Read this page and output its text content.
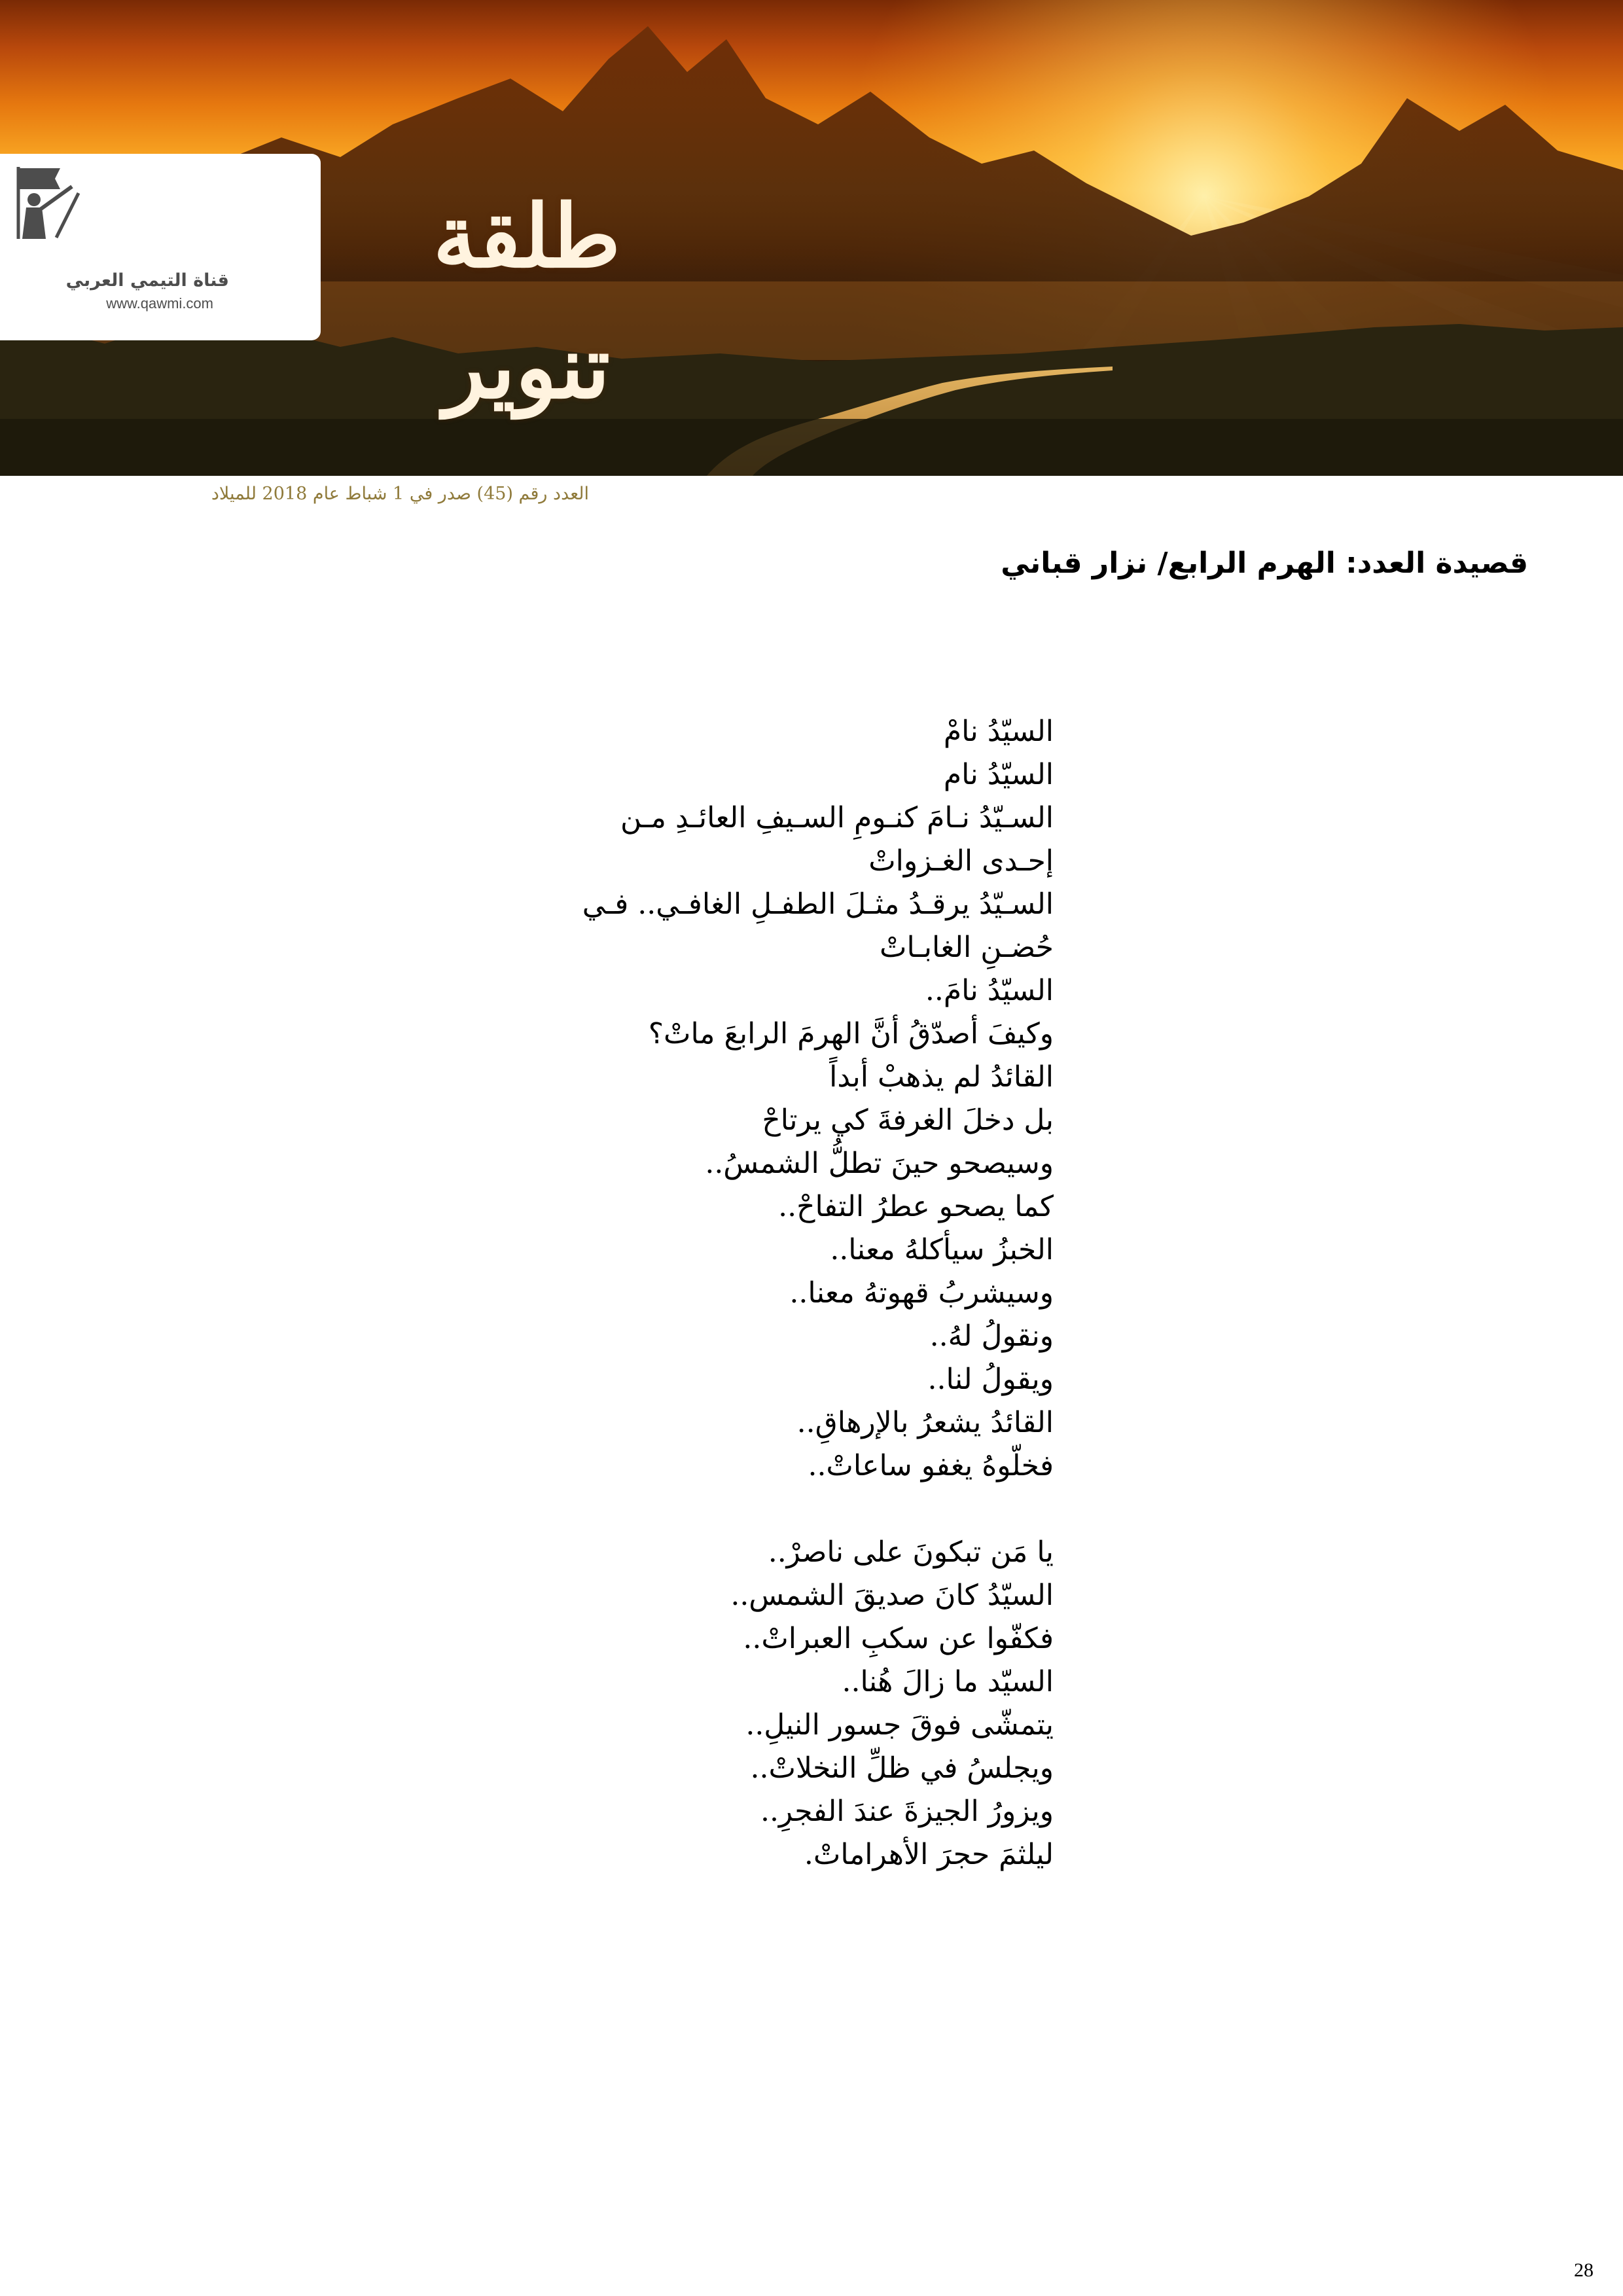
قناة التيمي العربي
www.qawmi.com
طلقة تنوير
العدد رقم (45) صدر في 1 شباط عام 2018 للميلاد
قصيدة العدد: الهرم الرابع/ نزار قباني
السيّدُ نامْ
السيّدُ نام
السـيّدُ نـامَ كنـومِ السـيفِ العائـدِ مـن
إحـدى الغـزواتْ
السـيّدُ يرقـدُ مثـلَ الطفـلِ الغافـي.. فـي
حُضـنِ الغابـاتْ
السيّدُ نامَ..
وكيفَ أصدّقُ أنَّ الهرمَ الرابعَ ماتْ؟
القائدُ لم يذهبْ أبداً
بل دخلَ الغرفةَ كي يرتاحْ
وسيصحو حينَ تطلُّ الشمسُ..
كما يصحو عطرُ التفاحْ..
الخبزُ سيأكلهُ معنا..
وسيشربُ قهوتهُ معنا..
ونقولُ لهُ..
ويقولُ لنا..
القائدُ يشعرُ بالإرهاقِ..
فخلّوهُ يغفو ساعاتْ..
يا مَن تبكونَ على ناصرْ..
السيّدُ كانَ صديقَ الشمس..
فكفّوا عن سكبِ العبراتْ..
السيّد ما زالَ هُنا..
يتمشّى فوقَ جسور النيلِ..
ويجلسُ في ظلِّ النخلاتْ..
ويزورُ الجيزةَ عندَ الفجرِ..
ليلثمَ حجرَ الأهراماتْ.
28
